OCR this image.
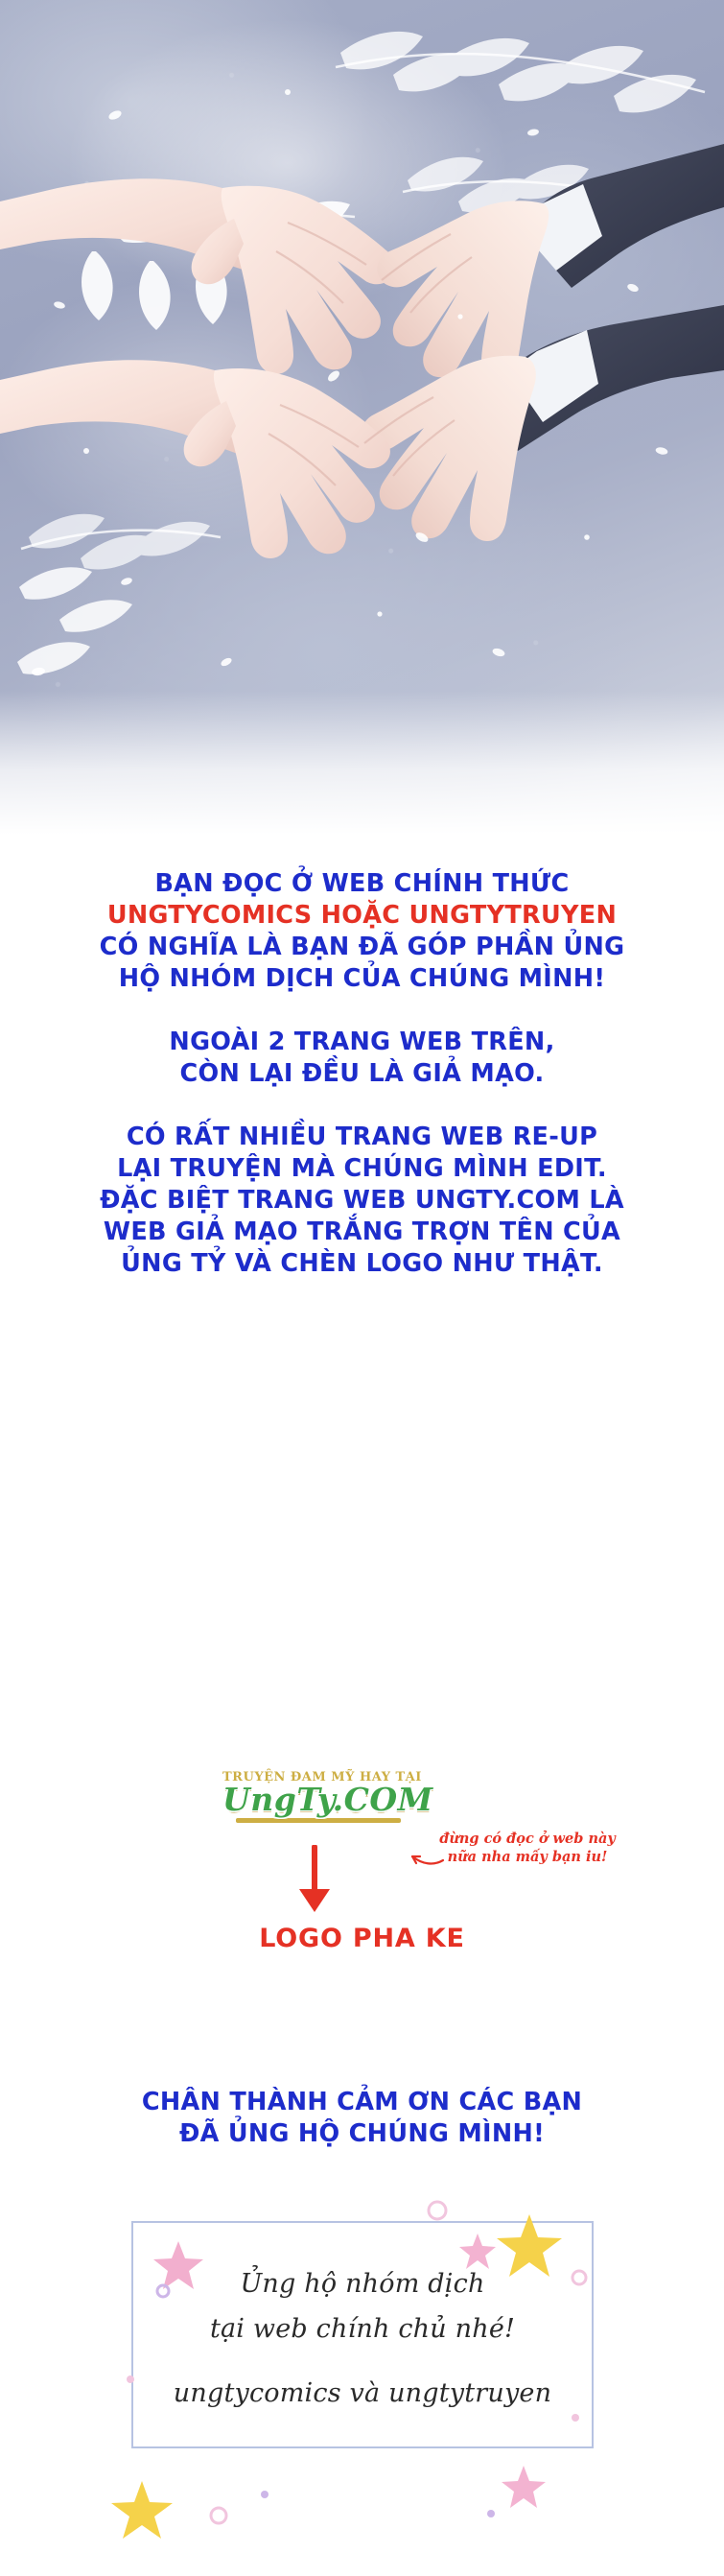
BẠN ĐỌC Ở WEB CHÍNH THỨC

UNGTYCOMICS HOẶC UNGTYTRUYEN

CÓ NGHĨA LÀ BẠN ĐÃ GÓP PHẦN ỦNG

HỘ NHÓM DỊCH CỦA CHÚNG MÌNH!

NGOÀI 2 TRANG WEB TRÊN,

CÒN LẠI ĐỀU LÀ GIẢ MẠO.

CÓ RẤT NHIỀU TRANG WEB RE-UP

LẠI TRUYỆN MÀ CHÚNG MÌNH EDIT.

ĐẶC BIỆT TRANG WEB UNGTY.COM LÀ

WEB GIẢ MẠO TRẮNG TRỢN TÊN CỦA

ỦNG TỶ VÀ CHÈN LOGO NHƯ THẬT.

TRUYỆN ĐAM MỸ HAY TẠI
UngTy.COM
đừng có đọc ở web này nữa nha mấy bạn iu!
LOGO PHA KE

CHÂN THÀNH CẢM ƠN CÁC BẠN

ĐÃ ỦNG HỘ CHÚNG MÌNH!

Ủng hộ nhóm dịch
tại web chính chủ nhé!
ungtycomics và ungtytruyen
